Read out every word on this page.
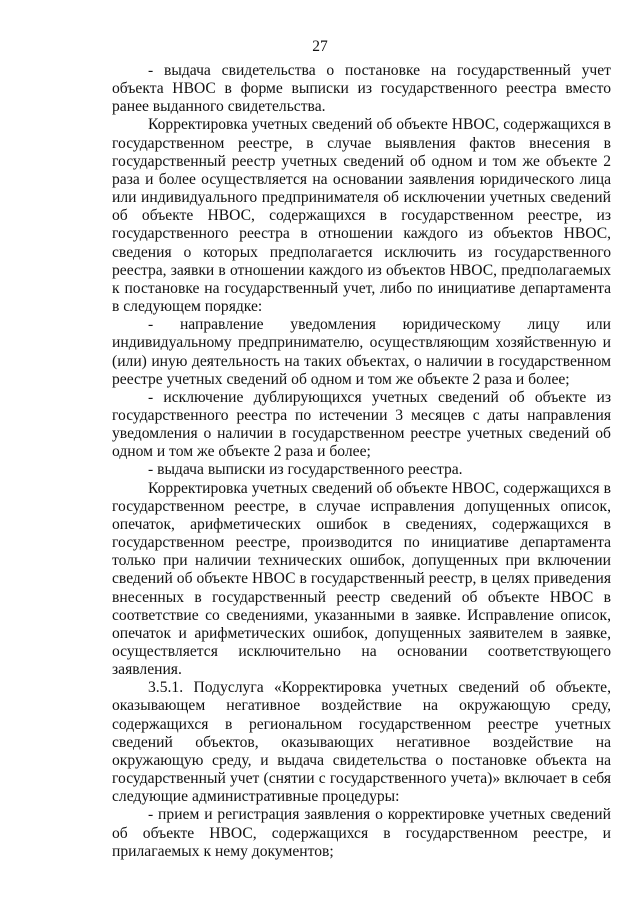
27

- выдача свидетельства о постановке на государственный учет объекта НВОС в форме выписки из государственного реестра вместо ранее выданного свидетельства.

Корректировка учетных сведений об объекте НВОС, содержащихся в государственном реестре, в случае выявления фактов внесения в государственный реестр учетных сведений об одном и том же объекте 2 раза и более осуществляется на основании заявления юридического лица или индивидуального предпринимателя об исключении учетных сведений об объекте НВОС, содержащихся в государственном реестре, из государственного реестра в отношении каждого из объектов НВОС, сведения о которых предполагается исключить из государственного реестра, заявки в отношении каждого из объектов НВОС, предполагаемых к постановке на государственный учет, либо по инициативе департамента в следующем порядке:

- направление уведомления юридическому лицу или индивидуальному предпринимателю, осуществляющим хозяйственную и (или) иную деятельность на таких объектах, о наличии в государственном реестре учетных сведений об одном и том же объекте 2 раза и более;

- исключение дублирующихся учетных сведений об объекте из государственного реестра по истечении 3 месяцев с даты направления уведомления о наличии в государственном реестре учетных сведений об одном и том же объекте 2 раза и более;

- выдача выписки из государственного реестра.

Корректировка учетных сведений об объекте НВОС, содержащихся в государственном реестре, в случае исправления допущенных описок, опечаток, арифметических ошибок в сведениях, содержащихся в государственном реестре, производится по инициативе департамента только при наличии технических ошибок, допущенных при включении сведений об объекте НВОС в государственный реестр, в целях приведения внесенных в государственный реестр сведений об объекте НВОС в соответствие со сведениями, указанными в заявке. Исправление описок, опечаток и арифметических ошибок, допущенных заявителем в заявке, осуществляется исключительно на основании соответствующего заявления.

3.5.1. Подуслуга «Корректировка учетных сведений об объекте, оказывающем негативное воздействие на окружающую среду, содержащихся в региональном государственном реестре учетных сведений объектов, оказывающих негативное воздействие на окружающую среду, и выдача свидетельства о постановке объекта на государственный учет (снятии с государственного учета)» включает в себя следующие административные процедуры:

- прием и регистрация заявления о корректировке учетных сведений об объекте НВОС, содержащихся в государственном реестре, и прилагаемых к нему документов;
